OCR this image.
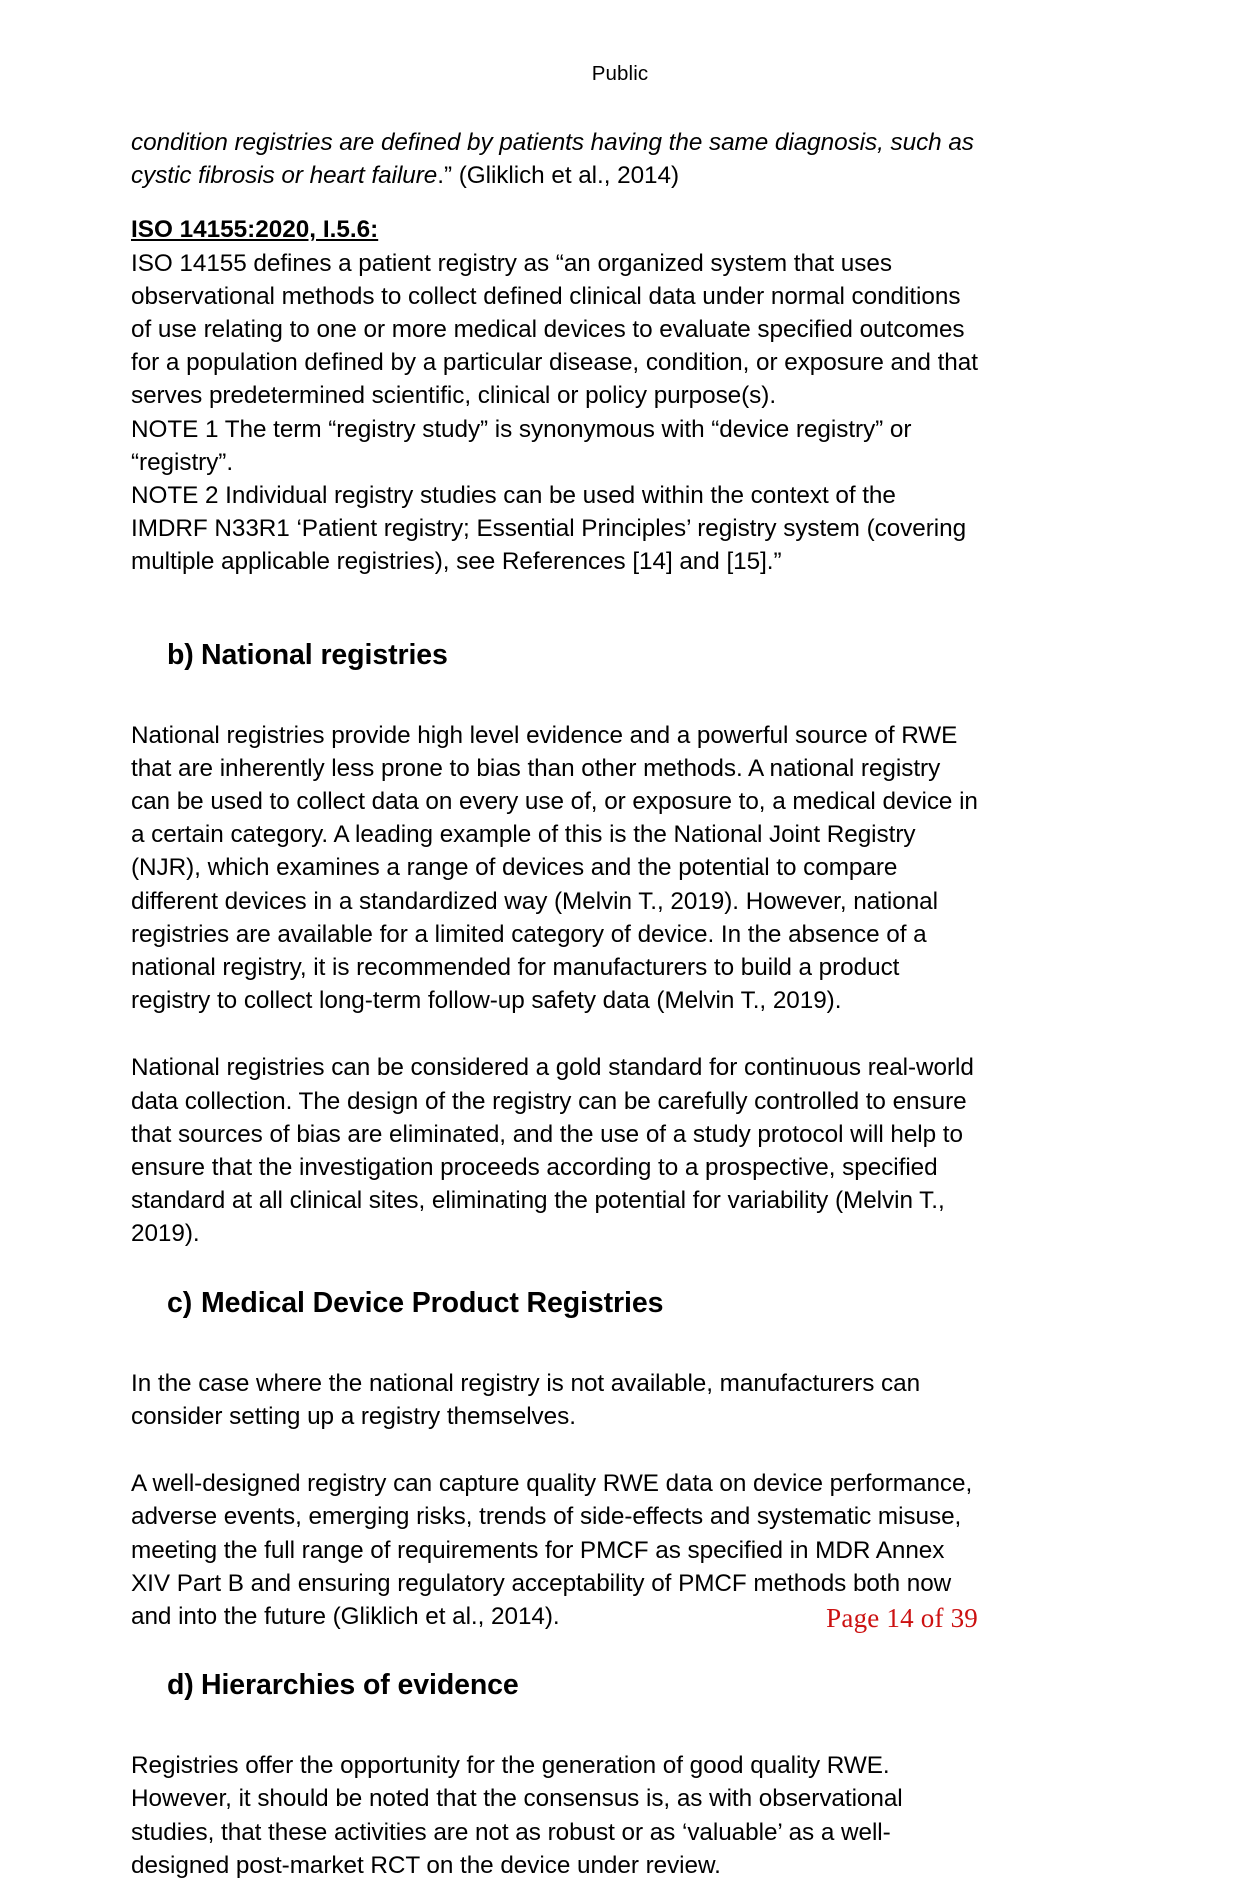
Public

condition registries are defined by patients having the same diagnosis, such as cystic fibrosis or heart failure.” (Gliklich et al., 2014)

ISO 14155:2020, I.5.6:

ISO 14155 defines a patient registry as “an organized system that uses observational methods to collect defined clinical data under normal conditions of use relating to one or more medical devices to evaluate specified outcomes for a population defined by a particular disease, condition, or exposure and that serves predetermined scientific, clinical or policy purpose(s).

NOTE 1 The term “registry study” is synonymous with “device registry” or “registry”.

NOTE 2 Individual registry studies can be used within the context of the IMDRF N33R1 ‘Patient registry; Essential Principles’ registry system (covering multiple applicable registries), see References [14] and [15].”

b) National registries

National registries provide high level evidence and a powerful source of RWE that are inherently less prone to bias than other methods. A national registry can be used to collect data on every use of, or exposure to, a medical device in a certain category. A leading example of this is the National Joint Registry (NJR), which examines a range of devices and the potential to compare different devices in a standardized way (Melvin T., 2019). However, national registries are available for a limited category of device. In the absence of a national registry, it is recommended for manufacturers to build a product registry to collect long-term follow-up safety data (Melvin T., 2019).

National registries can be considered a gold standard for continuous real-world data collection. The design of the registry can be carefully controlled to ensure that sources of bias are eliminated, and the use of a study protocol will help to ensure that the investigation proceeds according to a prospective, specified standard at all clinical sites, eliminating the potential for variability (Melvin T., 2019).

c) Medical Device Product Registries

In the case where the national registry is not available, manufacturers can consider setting up a registry themselves.

A well-designed registry can capture quality RWE data on device performance, adverse events, emerging risks, trends of side-effects and systematic misuse, meeting the full range of requirements for PMCF as specified in MDR Annex XIV Part B and ensuring regulatory acceptability of PMCF methods both now and into the future (Gliklich et al., 2014).

d) Hierarchies of evidence

Registries offer the opportunity for the generation of good quality RWE. However, it should be noted that the consensus is, as with observational studies, that these activities are not as robust or as ‘valuable’ as a well-designed post-market RCT on the device under review.

Page 14 of 39
